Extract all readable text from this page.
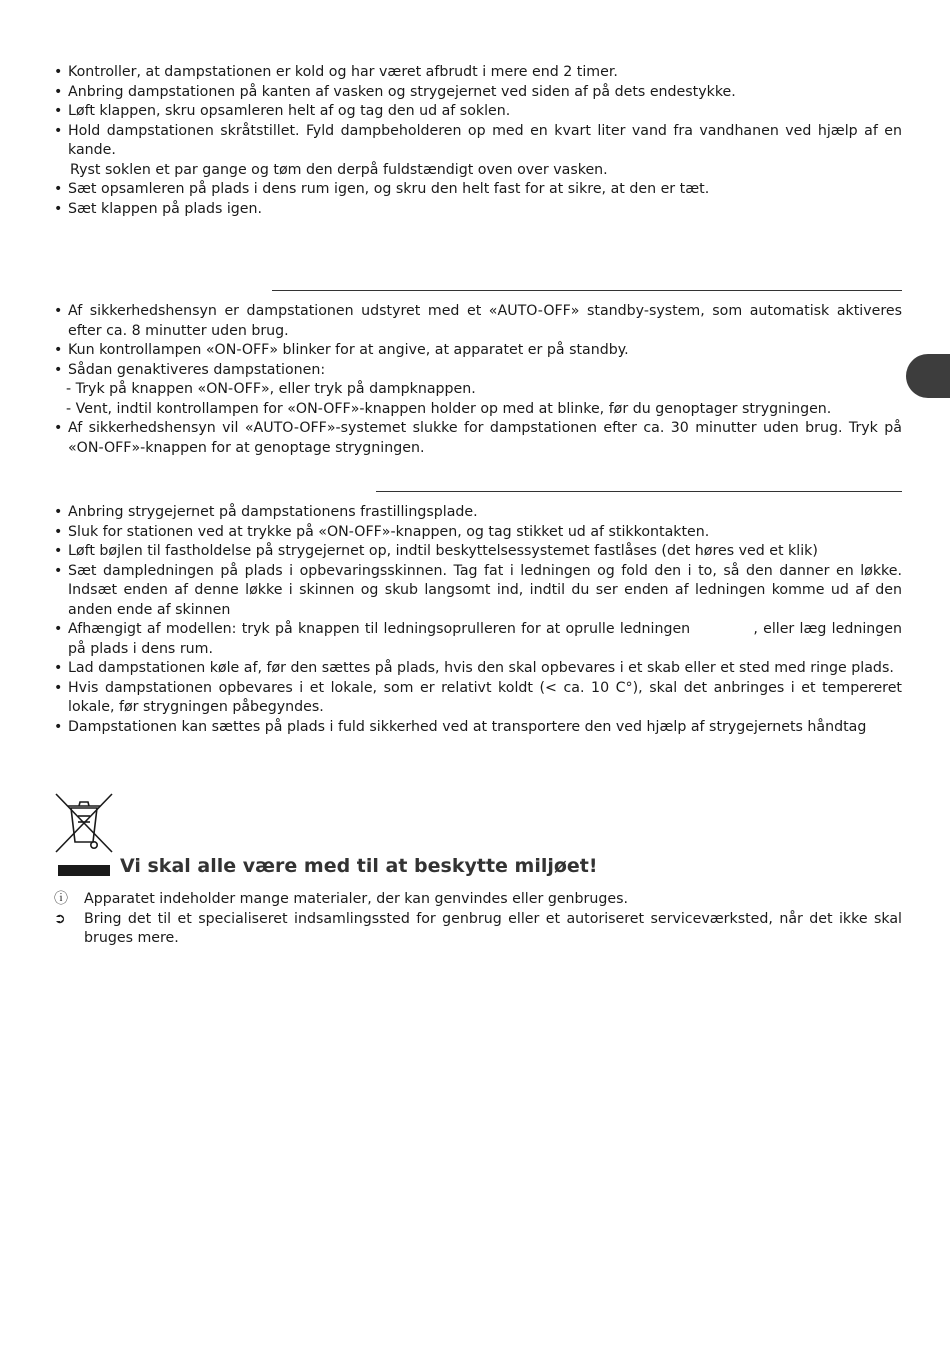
• Kontroller, at dampstationen er kold og har været afbrudt i mere end 2 timer.
• Anbring dampstationen på kanten af vasken og strygejernet ved siden af på dets endestykke.
• Løft klappen, skru opsamleren helt af og tag den ud af soklen.
• Hold dampstationen skråtstillet. Fyld dampbeholderen op med en kvart liter vand fra vandhanen ved hjælp af en kande.
Ryst soklen et par gange og tøm den derpå fuldstændigt oven over vasken.
• Sæt opsamleren på plads i dens rum igen, og skru den helt fast for at sikre, at den er tæt.
• Sæt klappen på plads igen.
• Af sikkerhedshensyn er dampstationen udstyret med et «AUTO-OFF» standby-system, som automatisk aktiveres efter ca. 8 minutter uden brug.
• Kun kontrollampen «ON-OFF» blinker for at angive, at apparatet er på standby.
• Sådan genaktiveres dampstationen:
- Tryk på knappen «ON-OFF», eller tryk på dampknappen.
- Vent, indtil kontrollampen for «ON-OFF»-knappen holder op med at blinke, før du genoptager strygningen.
• Af sikkerhedshensyn vil «AUTO-OFF»-systemet slukke for dampstationen efter ca. 30 minutter uden brug. Tryk på «ON-OFF»-knappen for at genoptage strygningen.
• Anbring strygejernet på dampstationens frastillingsplade.
• Sluk for stationen ved at trykke på «ON-OFF»-knappen, og tag stikket ud af stikkontakten.
• Løft bøjlen til fastholdelse på strygejernet op, indtil beskyttelsessystemet fastlåses (det høres ved et klik)
• Sæt dampledningen på plads i opbevaringsskinnen. Tag fat i ledningen og fold den i to, så den danner en løkke. Indsæt enden af denne løkke i skinnen og skub langsomt ind, indtil du ser enden af ledningen komme ud af den anden ende af skinnen
• Afhængigt af modellen: tryk på knappen til ledningsoprulleren for at oprulle ledningen            , eller læg ledningen på plads i dens rum.
• Lad dampstationen køle af, før den sættes på plads, hvis den skal opbevares i et skab eller et sted med ringe plads.
• Hvis dampstationen opbevares i et lokale, som er relativt koldt (< ca. 10 C°), skal det anbringes i et tempereret lokale, før strygningen påbegyndes.
• Dampstationen kan sættes på plads i fuld sikkerhed ved at transportere den ved hjælp af strygejernets håndtag
Vi skal alle være med til at beskytte miljøet!
ⓘ Apparatet indeholder mange materialer, der kan genvindes eller genbruges.
➲ Bring det til et specialiseret indsamlingssted for genbrug eller et autoriseret serviceværksted, når det ikke skal bruges mere.
